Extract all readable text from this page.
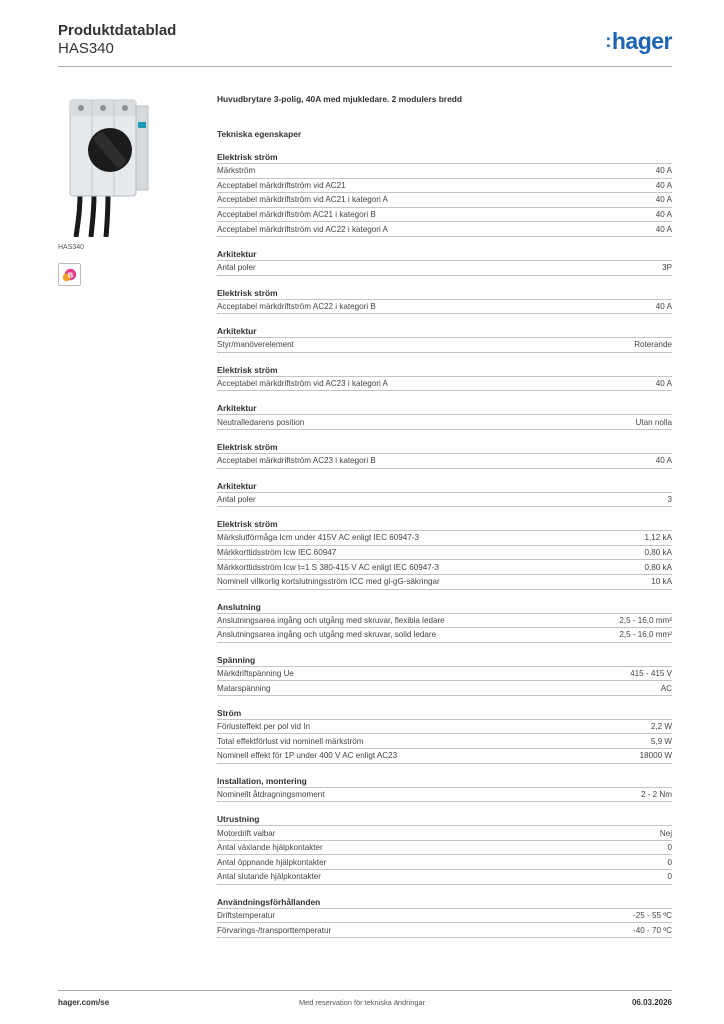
Produktdatablad
HAS340	:hager
HAS340
B
Huvudbrytare 3-polig, 40A med mjukledare. 2 modulers bredd
Tekniska egenskaper
Elektrisk ström
Märkström	40 A
Acceptabel märkdriftström vid AC21	40 A
Acceptabel märkdriftström vid AC21 i kategori A	40 A
Acceptabel märkdriftström AC21 i kategori B	40 A
Acceptabel märkdriftström vid AC22 i kategori A	40 A
Arkitektur
Antal poler	3P
Elektrisk ström
Acceptabel märkdriftström AC22 i kategori B	40 A
Arkitektur
Styr/manöverelement	Roterande
Elektrisk ström
Acceptabel märkdriftström vid AC23 i kategori A	40 A
Arkitektur
Neutralledarens position	Utan nolla
Elektrisk ström
Acceptabel märkdriftström AC23 i kategori B	40 A
Arkitektur
Antal poler	3
Elektrisk ström
Märkslutförmåga Icm under 415V AC enligt IEC 60947-3	1,12 kA
Märkkorttidsström Icw IEC 60947	0,80 kA
Märkkorttidsström Icw t=1 S 380-415 V AC enligt IEC 60947-3	0,80 kA
Nominell villkorlig kortslutningsström ICC med gl-gG-säkringar	10 kA
Anslutning
Anslutningsarea ingång och utgång med skruvar, flexibla ledare	2,5 - 16,0 mm²
Anslutningsarea ingång och utgång med skruvar, solid ledare	2,5 - 16,0 mm²
Spänning
Märkdriftspänning Ue	415 - 415 V
Matarspänning	AC
Ström
Förlusteffekt per pol vid In	2,2 W
Total effektförlust vid nominell märkström	5,9 W
Nominell effekt för 1P under 400 V AC enligt AC23	18000 W
Installation, montering
Nominellt åtdragningsmoment	2 - 2 Nm
Utrustning
Motordrift valbar	Nej
Antal växlande hjälpkontakter	0
Antal öppnande hjälpkontakter	0
Antal slutande hjälpkontakter	0
Användningsförhållanden
Driftstemperatur	-25 - 55 ºC
Förvarings-/transporttemperatur	-40 - 70 ºC
hager.com/se	Med reservation för tekniska ändringar	06.03.2026
